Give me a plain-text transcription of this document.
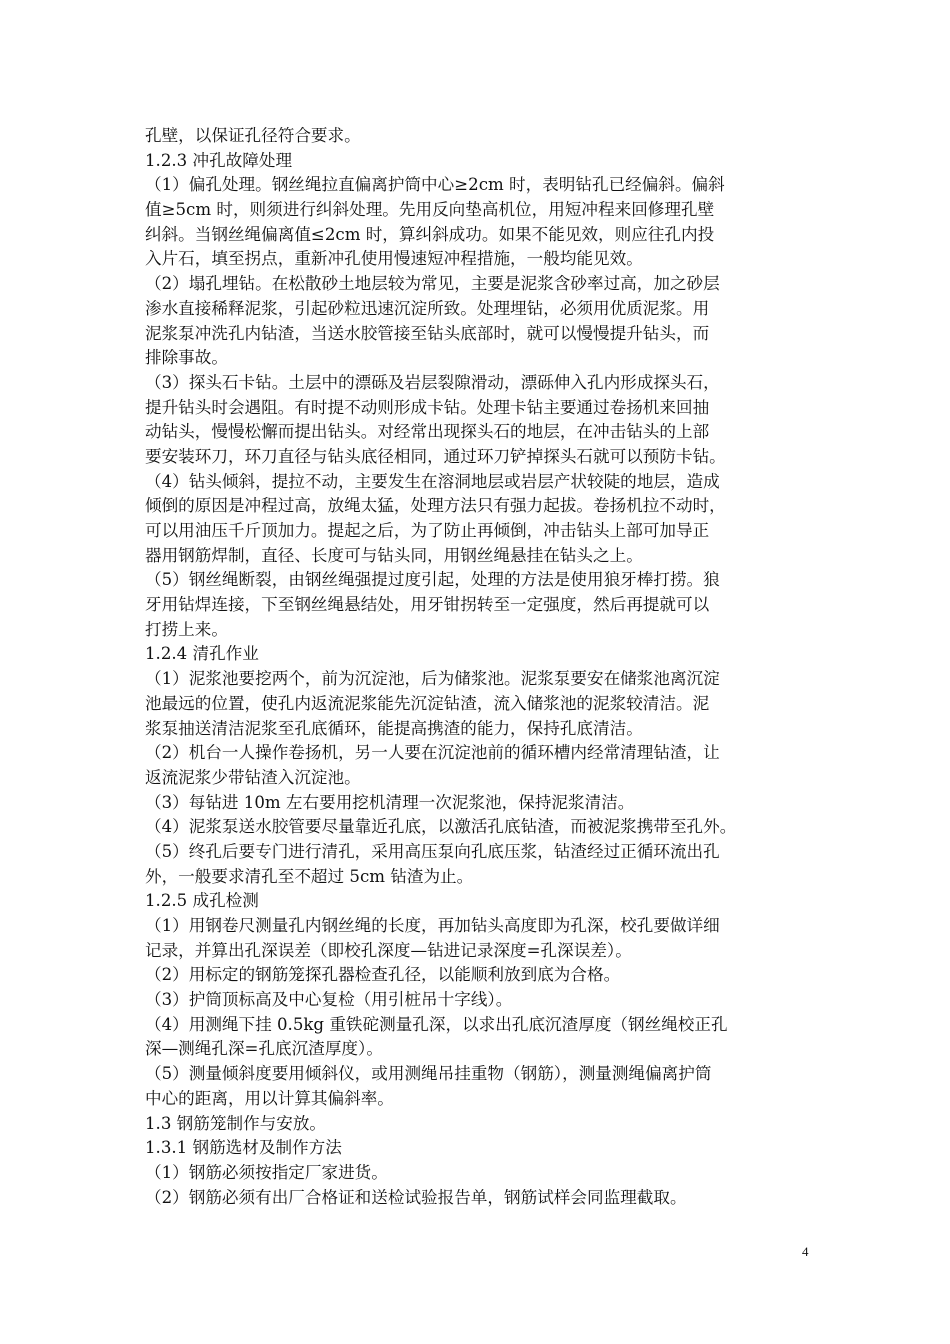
孔壁，以保证孔径符合要求。
1.2.3 冲孔故障处理
（1）偏孔处理。钢丝绳拉直偏离护筒中心≥2cm 时，表明钻孔已经偏斜。偏斜
值≥5cm 时，则须进行纠斜处理。先用反向垫高机位，用短冲程来回修理孔壁
纠斜。当钢丝绳偏离值≤2cm 时，算纠斜成功。如果不能见效，则应往孔内投
入片石，填至拐点，重新冲孔使用慢速短冲程措施，一般均能见效。
（2）塌孔埋钻。在松散砂土地层较为常见，主要是泥浆含砂率过高，加之砂层
渗水直接稀释泥浆，引起砂粒迅速沉淀所致。处理埋钻，必须用优质泥浆。用
泥浆泵冲洗孔内钻渣，当送水胶管接至钻头底部时，就可以慢慢提升钻头，而
排除事故。
（3）探头石卡钻。土层中的漂砾及岩层裂隙滑动，漂砾伸入孔内形成探头石，
提升钻头时会遇阻。有时提不动则形成卡钻。处理卡钻主要通过卷扬机来回抽
动钻头，慢慢松懈而提出钻头。对经常出现探头石的地层，在冲击钻头的上部
要安装环刀，环刀直径与钻头底径相同，通过环刀铲掉探头石就可以预防卡钻。
（4）钻头倾斜，提拉不动，主要发生在溶洞地层或岩层产状较陡的地层，造成
倾倒的原因是冲程过高，放绳太猛，处理方法只有强力起拔。卷扬机拉不动时，
可以用油压千斤顶加力。提起之后，为了防止再倾倒，冲击钻头上部可加导正
器用钢筋焊制，直径、长度可与钻头同，用钢丝绳悬挂在钻头之上。
（5）钢丝绳断裂，由钢丝绳强提过度引起，处理的方法是使用狼牙棒打捞。狼
牙用钻焊连接，下至钢丝绳悬结处，用牙钳拐转至一定强度，然后再提就可以
打捞上来。
1.2.4 清孔作业
（1）泥浆池要挖两个，前为沉淀池，后为储浆池。泥浆泵要安在储浆池离沉淀
池最远的位置，使孔内返流泥浆能先沉淀钻渣，流入储浆池的泥浆较清洁。泥
浆泵抽送清洁泥浆至孔底循环，能提高携渣的能力，保持孔底清洁。
（2）机台一人操作卷扬机，另一人要在沉淀池前的循环槽内经常清理钻渣，让
返流泥浆少带钻渣入沉淀池。
（3）每钻进 10m 左右要用挖机清理一次泥浆池，保持泥浆清洁。
（4）泥浆泵送水胶管要尽量靠近孔底，以激活孔底钻渣，而被泥浆携带至孔外。
（5）终孔后要专门进行清孔，采用高压泵向孔底压浆，钻渣经过正循环流出孔
外，一般要求清孔至不超过 5cm 钻渣为止。
1.2.5 成孔检测
（1）用钢卷尺测量孔内钢丝绳的长度，再加钻头高度即为孔深，校孔要做详细
记录，并算出孔深误差（即校孔深度—钻进记录深度=孔深误差）。
（2）用标定的钢筋笼探孔器检查孔径，以能顺利放到底为合格。
（3）护筒顶标高及中心复检（用引桩吊十字线）。
（4）用测绳下挂 0.5kg 重铁砣测量孔深，以求出孔底沉渣厚度（钢丝绳校正孔
深—测绳孔深=孔底沉渣厚度）。
（5）测量倾斜度要用倾斜仪，或用测绳吊挂重物（钢筋），测量测绳偏离护筒
中心的距离，用以计算其偏斜率。
1.3 钢筋笼制作与安放。
1.3.1 钢筋选材及制作方法
（1）钢筋必须按指定厂家进货。
（2）钢筋必须有出厂合格证和送检试验报告单，钢筋试样会同监理截取。
4
